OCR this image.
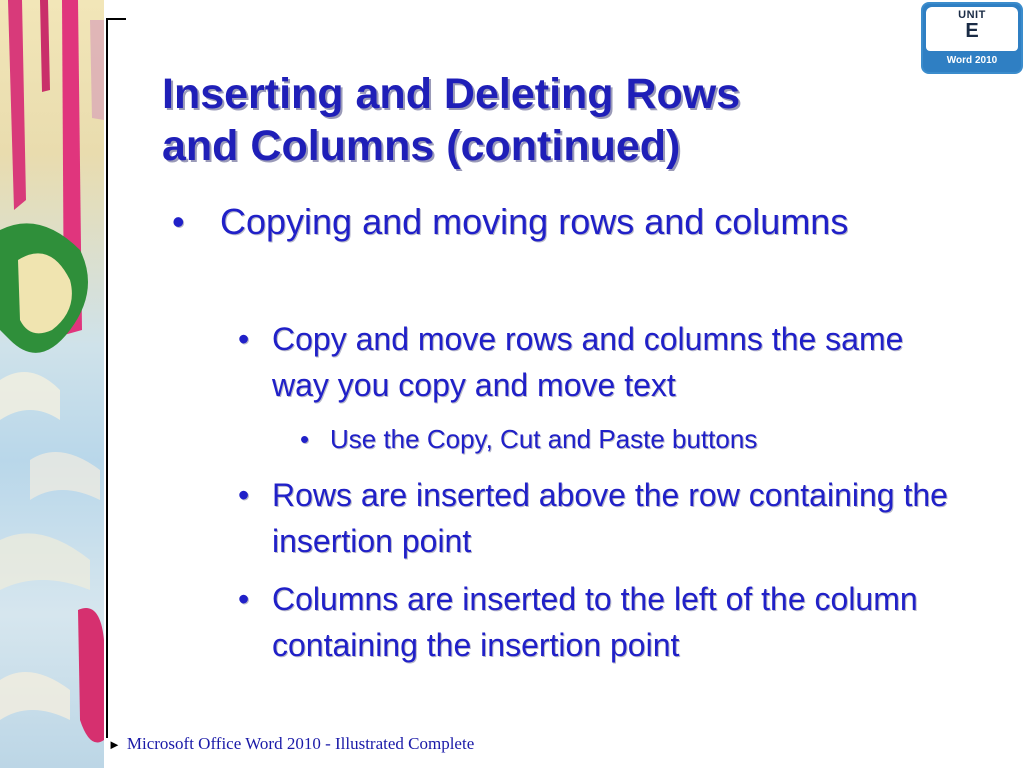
UNIT
E
Word 2010
Inserting and Deleting Rows
and Columns (continued)
• Copying and moving rows and columns
• Copy and move rows and columns the same way you copy and move text
• Use the Copy, Cut and Paste buttons
• Rows are inserted above the row containing the insertion point
• Columns are inserted to the left of the column containing the insertion point
► Microsoft Office Word 2010 - Illustrated Complete
